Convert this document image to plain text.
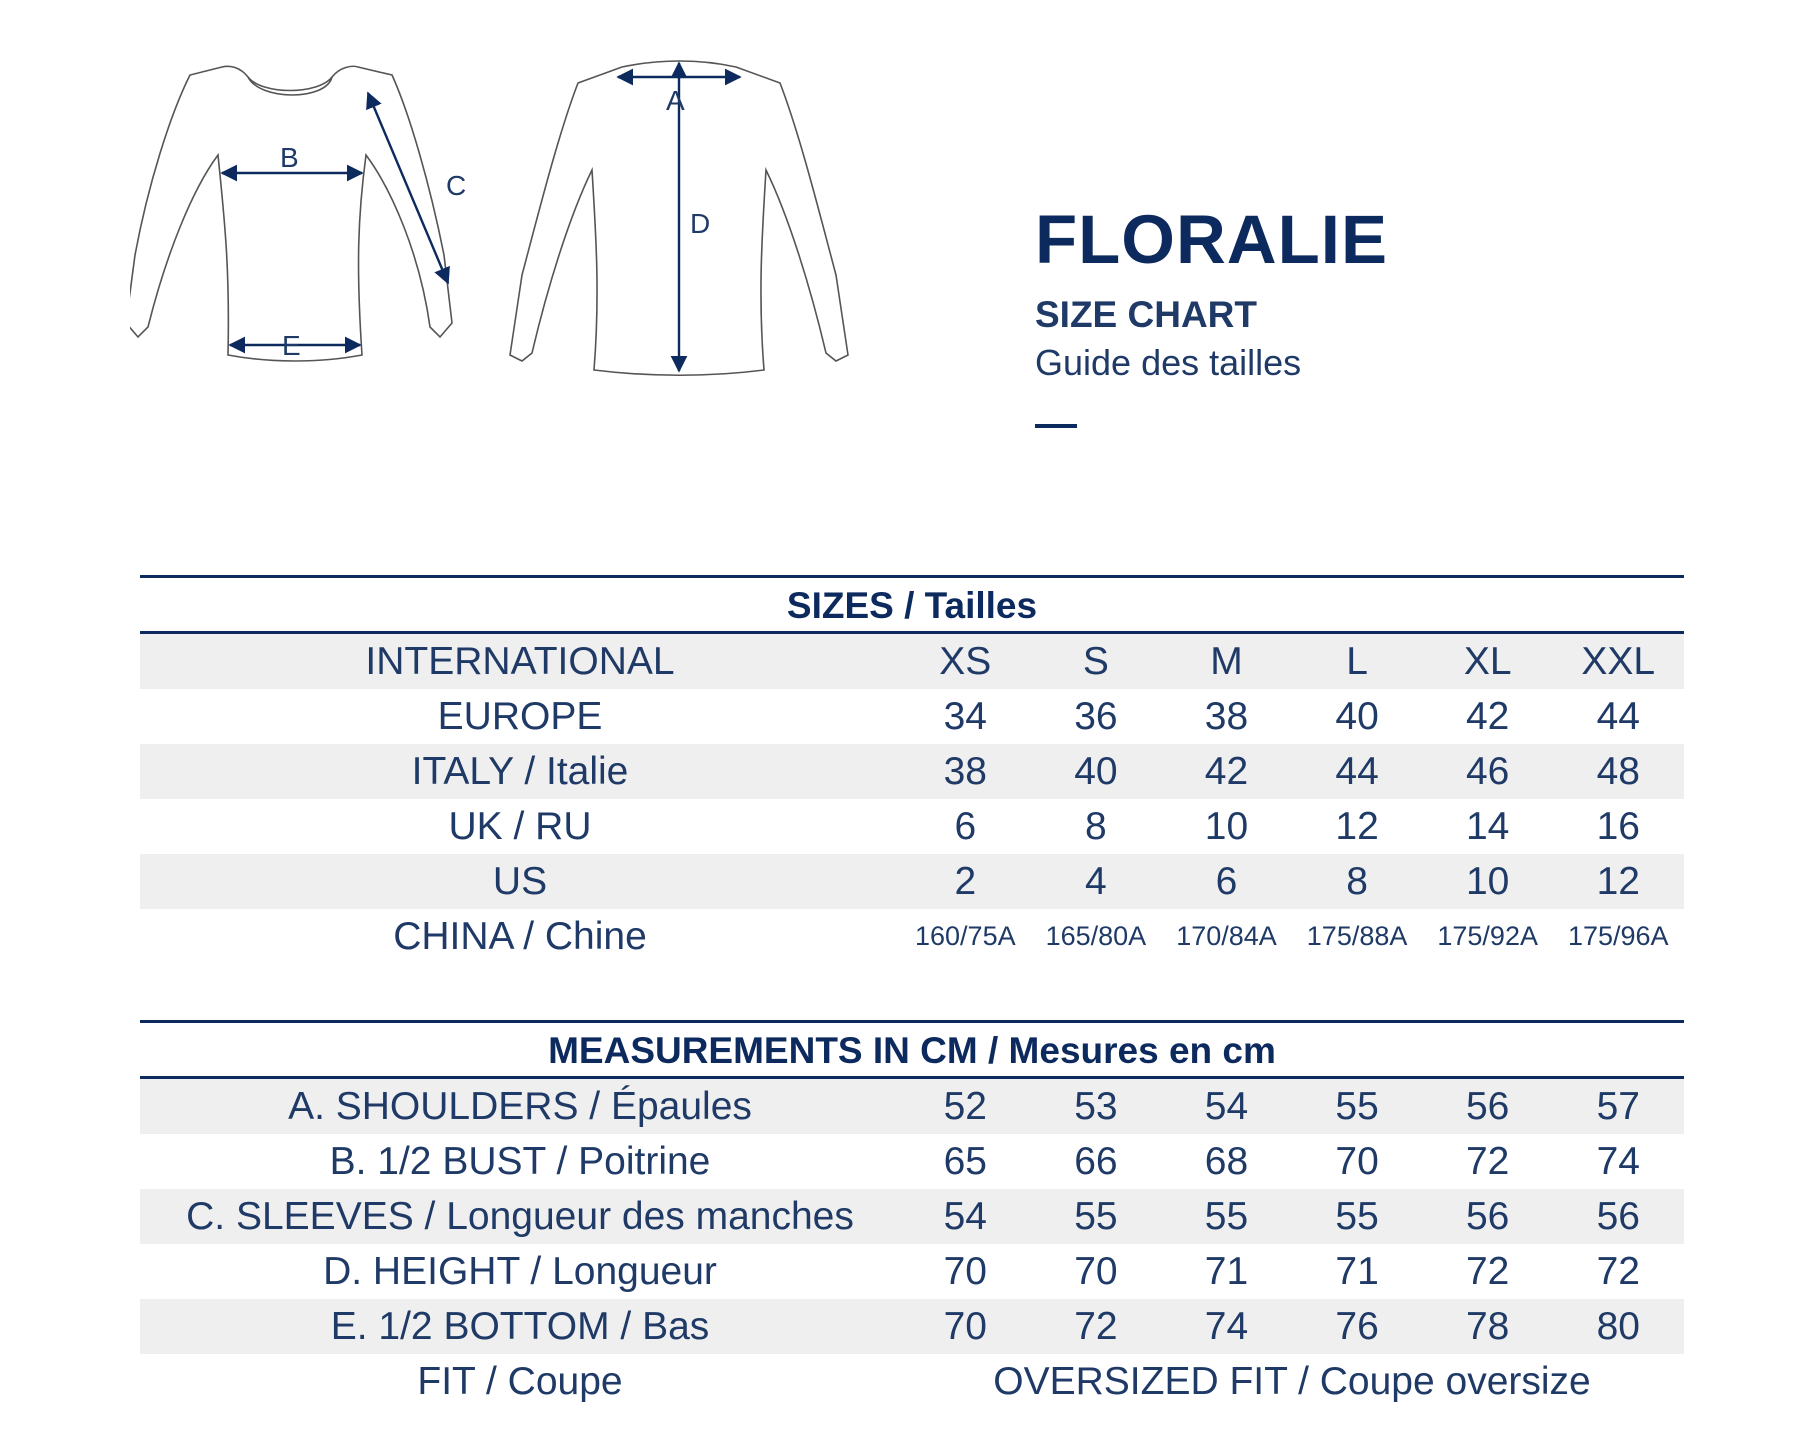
A
B
C
D
E
FLORALIE
SIZE CHART
Guide des tailles
SIZES / Tailles
INTERNATIONAL	XS	S	M	L	XL	XXL
EUROPE	34	36	38	40	42	44
ITALY / Italie	38	40	42	44	46	48
UK / RU	6	8	10	12	14	16
US	2	4	6	8	10	12
CHINA / Chine	160/75A	165/80A	170/84A	175/88A	175/92A	175/96A
MEASUREMENTS IN CM / Mesures en cm
A. SHOULDERS / Épaules	52	53	54	55	56	57
B. 1/2 BUST / Poitrine	65	66	68	70	72	74
C. SLEEVES / Longueur des manches	54	55	55	55	56	56
D. HEIGHT / Longueur	70	70	71	71	72	72
E. 1/2 BOTTOM / Bas	70	72	74	76	78	80
FIT / Coupe	OVERSIZED FIT / Coupe oversize
